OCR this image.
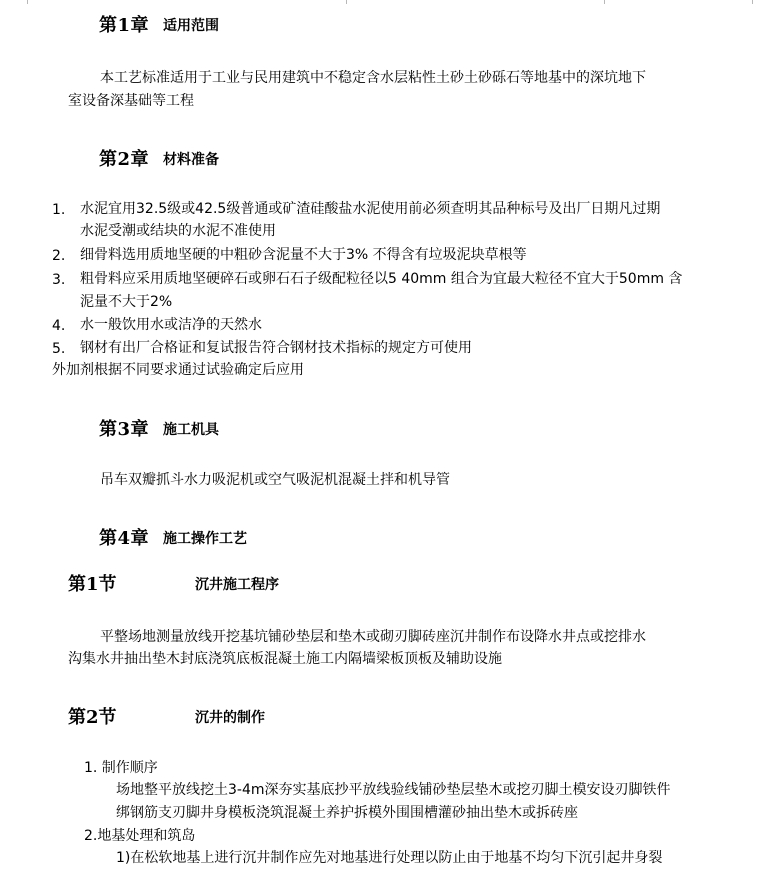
第1章 适用范围
本工艺标准适用于工业与民用建筑中不稳定含水层粘性土砂土砂砾石等地基中的深坑地下
室设备深基础等工程
第2章 材料准备
1. 水泥宜用32.5级或42.5级普通或矿渣硅酸盐水泥使用前必须查明其品种标号及出厂日期凡过期
水泥受潮或结块的水泥不准使用
2. 细骨料选用质地坚硬的中粗砂含泥量不大于3% 不得含有垃圾泥块草根等
3. 粗骨料应采用质地坚硬碎石或卵石石子级配粒径以5 40mm 组合为宜最大粒径不宜大于50mm 含
泥量不大于2%
4. 水一般饮用水或洁净的天然水
5. 钢材有出厂合格证和复试报告符合钢材技术指标的规定方可使用
外加剂根据不同要求通过试验确定后应用
第3章 施工机具
吊车双瓣抓斗水力吸泥机或空气吸泥机混凝土拌和机导管
第4章 施工操作工艺
第1节	沉井施工程序
平整场地测量放线开挖基坑铺砂垫层和垫木或砌刃脚砖座沉井制作布设降水井点或挖排水
沟集水井抽出垫木封底浇筑底板混凝土施工内隔墙梁板顶板及辅助设施
第2节	沉井的制作
1. 制作顺序
场地整平放线挖土3-4m深夯实基底抄平放线验线铺砂垫层垫木或挖刃脚土模安设刃脚铁件
绑钢筋支刃脚井身模板浇筑混凝土养护拆模外围围槽灌砂抽出垫木或拆砖座
2.地基处理和筑岛
1)在松软地基上进行沉井制作应先对地基进行处理以防止由于地基不均匀下沉引起井身裂
